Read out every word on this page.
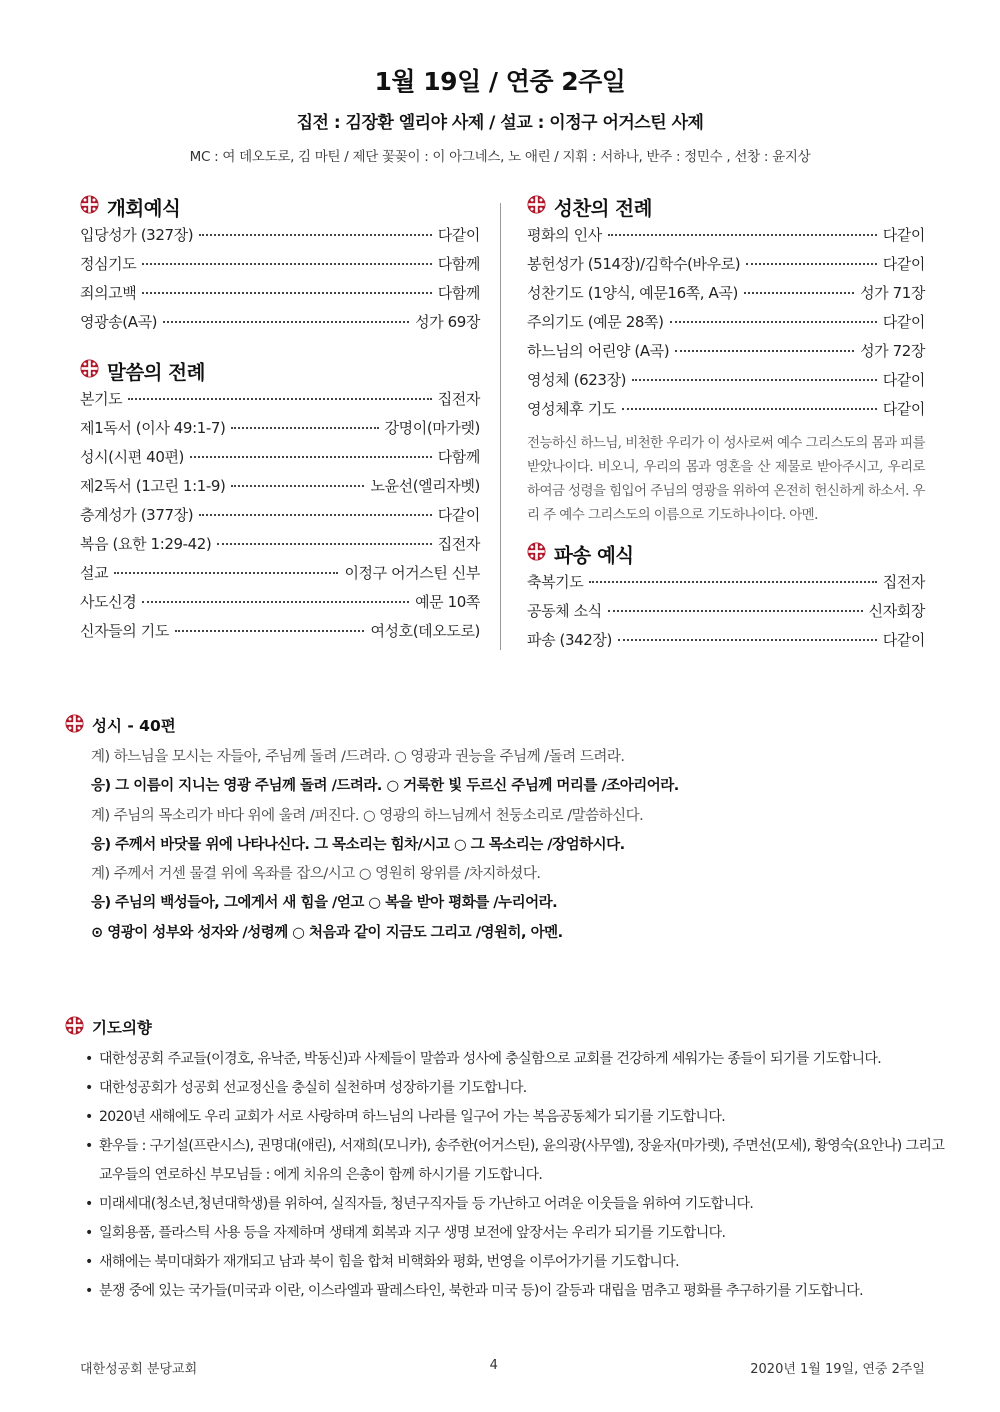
1월 19일 / 연중 2주일
집전 : 김장환 엘리야 사제 / 설교 : 이정구 어거스틴 사제
MC : 여 데오도로, 김 마틴 / 제단 꽃꽂이 : 이 아그네스, 노 애린 / 지휘 : 서하나, 반주 : 정민수 , 선창 : 윤지상
개회예식
입당성가 (327장)	다같이
정심기도	다함께
죄의고백	다함께
영광송(A곡)	성가 69장
말씀의 전례
본기도	집전자
제1독서 (이사 49:1-7)	강명이(마가렛)
성시(시편 40편)	다함께
제2독서 (1고린 1:1-9)	노윤선(엘리자벳)
층계성가 (377장)	다같이
복음 (요한 1:29-42)	집전자
설교	이정구 어거스틴 신부
사도신경	예문 10쪽
신자들의 기도	여성호(데오도로)
성찬의 전례
평화의 인사	다같이
봉헌성가 (514장)/김학수(바우로)	다같이
성찬기도 (1양식, 예문16쪽, A곡)	성가 71장
주의기도 (예문 28쪽)	다같이
하느님의 어린양 (A곡)	성가 72장
영성체 (623장)	다같이
영성체후 기도	다같이
전능하신 하느님, 비천한 우리가 이 성사로써 예수 그리스도의 몸과 피를 받았나이다. 비오니, 우리의 몸과 영혼을 산 제물로 받아주시고, 우리로 하여금 성령을 힘입어 주님의 영광을 위하여 온전히 헌신하게 하소서. 우리 주 예수 그리스도의 이름으로 기도하나이다. 아멘.
파송 예식
축복기도	집전자
공동체 소식	신자회장
파송 (342장)	다같이
성시 - 40편
계) 하느님을 모시는 자들아, 주님께 돌려 /드려라. ○ 영광과 권능을 주님께 /돌려 드려라.
응) 그 이름이 지니는 영광 주님께 돌려 /드려라. ○ 거룩한 빛 두르신 주님께 머리를 /조아리어라.
계) 주님의 목소리가 바다 위에 울려 /퍼진다. ○ 영광의 하느님께서 천둥소리로 /말씀하신다.
응) 주께서 바닷물 위에 나타나신다. 그 목소리는 힘차/시고 ○ 그 목소리는 /장엄하시다.
계) 주께서 거센 물결 위에 옥좌를 잡으/시고 ○ 영원히 왕위를 /차지하셨다.
응) 주님의 백성들아, 그에게서 새 힘을 /얻고 ○ 복을 받아 평화를 /누리어라.
⊙ 영광이 성부와 성자와 /성령께 ○ 처음과 같이 지금도 그리고 /영원히, 아멘.
기도의향
• 대한성공회 주교들(이경호, 유낙준, 박동신)과 사제들이 말씀과 성사에 충실함으로 교회를 건강하게 세워가는 종들이 되기를 기도합니다.
• 대한성공회가 성공회 선교정신을 충실히 실천하며 성장하기를 기도합니다.
• 2020년 새해에도 우리 교회가 서로 사랑하며 하느님의 나라를 일구어 가는 복음공동체가 되기를 기도합니다.
• 환우들 : 구기설(프란시스), 권명대(애린), 서재희(모니카), 송주한(어거스틴), 윤의광(사무엘), 장윤자(마가렛), 주면선(모세), 황영숙(요안나) 그리고 교우들의 연로하신 부모님들 : 에게 치유의 은총이 함께 하시기를 기도합니다.
• 미래세대(청소년,청년대학생)를 위하여, 실직자들, 청년구직자들 등 가난하고 어려운 이웃들을 위하여 기도합니다.
• 일회용품, 플라스틱 사용 등을 자제하며 생태계 회복과 지구 생명 보전에 앞장서는 우리가 되기를 기도합니다.
• 새해에는 북미대화가 재개되고 남과 북이 힘을 합쳐 비핵화와 평화, 번영을 이루어가기를 기도합니다.
• 분쟁 중에 있는 국가들(미국과 이란, 이스라엘과 팔레스타인, 북한과 미국 등)이 갈등과 대립을 멈추고 평화를 추구하기를 기도합니다.
대한성공회 분당교회	4	2020년 1월 19일, 연중 2주일
